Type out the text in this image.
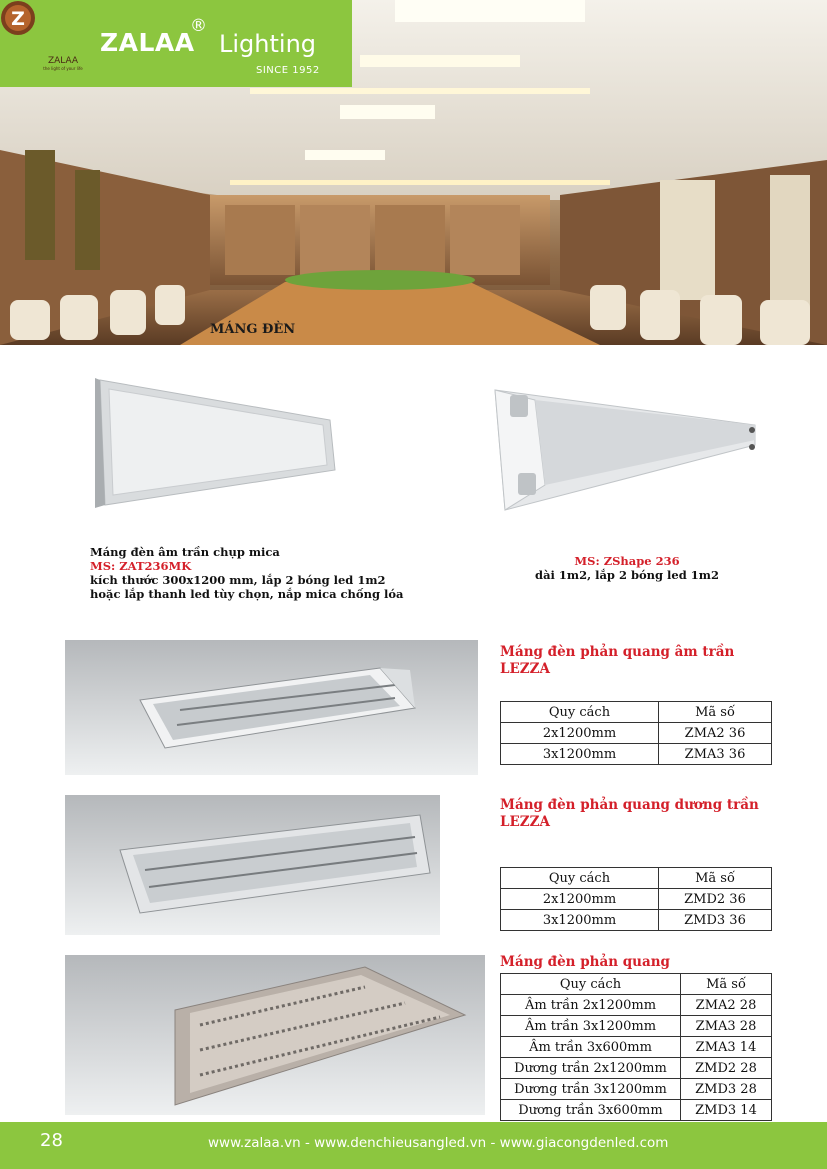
Z
ZALAA
the light of your life
ZALAA
®
Lighting
SINCE 1952
MÁNG ĐÈN
Máng đèn âm trần chụp mica
MS: ZAT236MK
kích thước 300x1200 mm, lắp 2 bóng led 1m2
hoặc lắp thanh led tùy chọn, nắp mica chống lóa
MS: ZShape 236
dài 1m2, lắp 2 bóng led 1m2
Máng đèn phản quang âm trần
LEZZA
Quy cách	Mã số
2x1200mm	ZMA2 36
3x1200mm	ZMA3 36
Máng đèn phản quang dương trần
LEZZA
Quy cách	Mã số
2x1200mm	ZMD2 36
3x1200mm	ZMD3 36
Máng đèn phản quang
Quy cách	Mã số
Âm trần 2x1200mm	ZMA2 28
Âm trần 3x1200mm	ZMA3 28
Âm trần 3x600mm	ZMA3 14
Dương trần 2x1200mm	ZMD2 28
Dương trần 3x1200mm	ZMD3 28
Dương trần 3x600mm	ZMD3 14
28	www.zalaa.vn - www.denchieusangled.vn - www.giacongdenled.com
